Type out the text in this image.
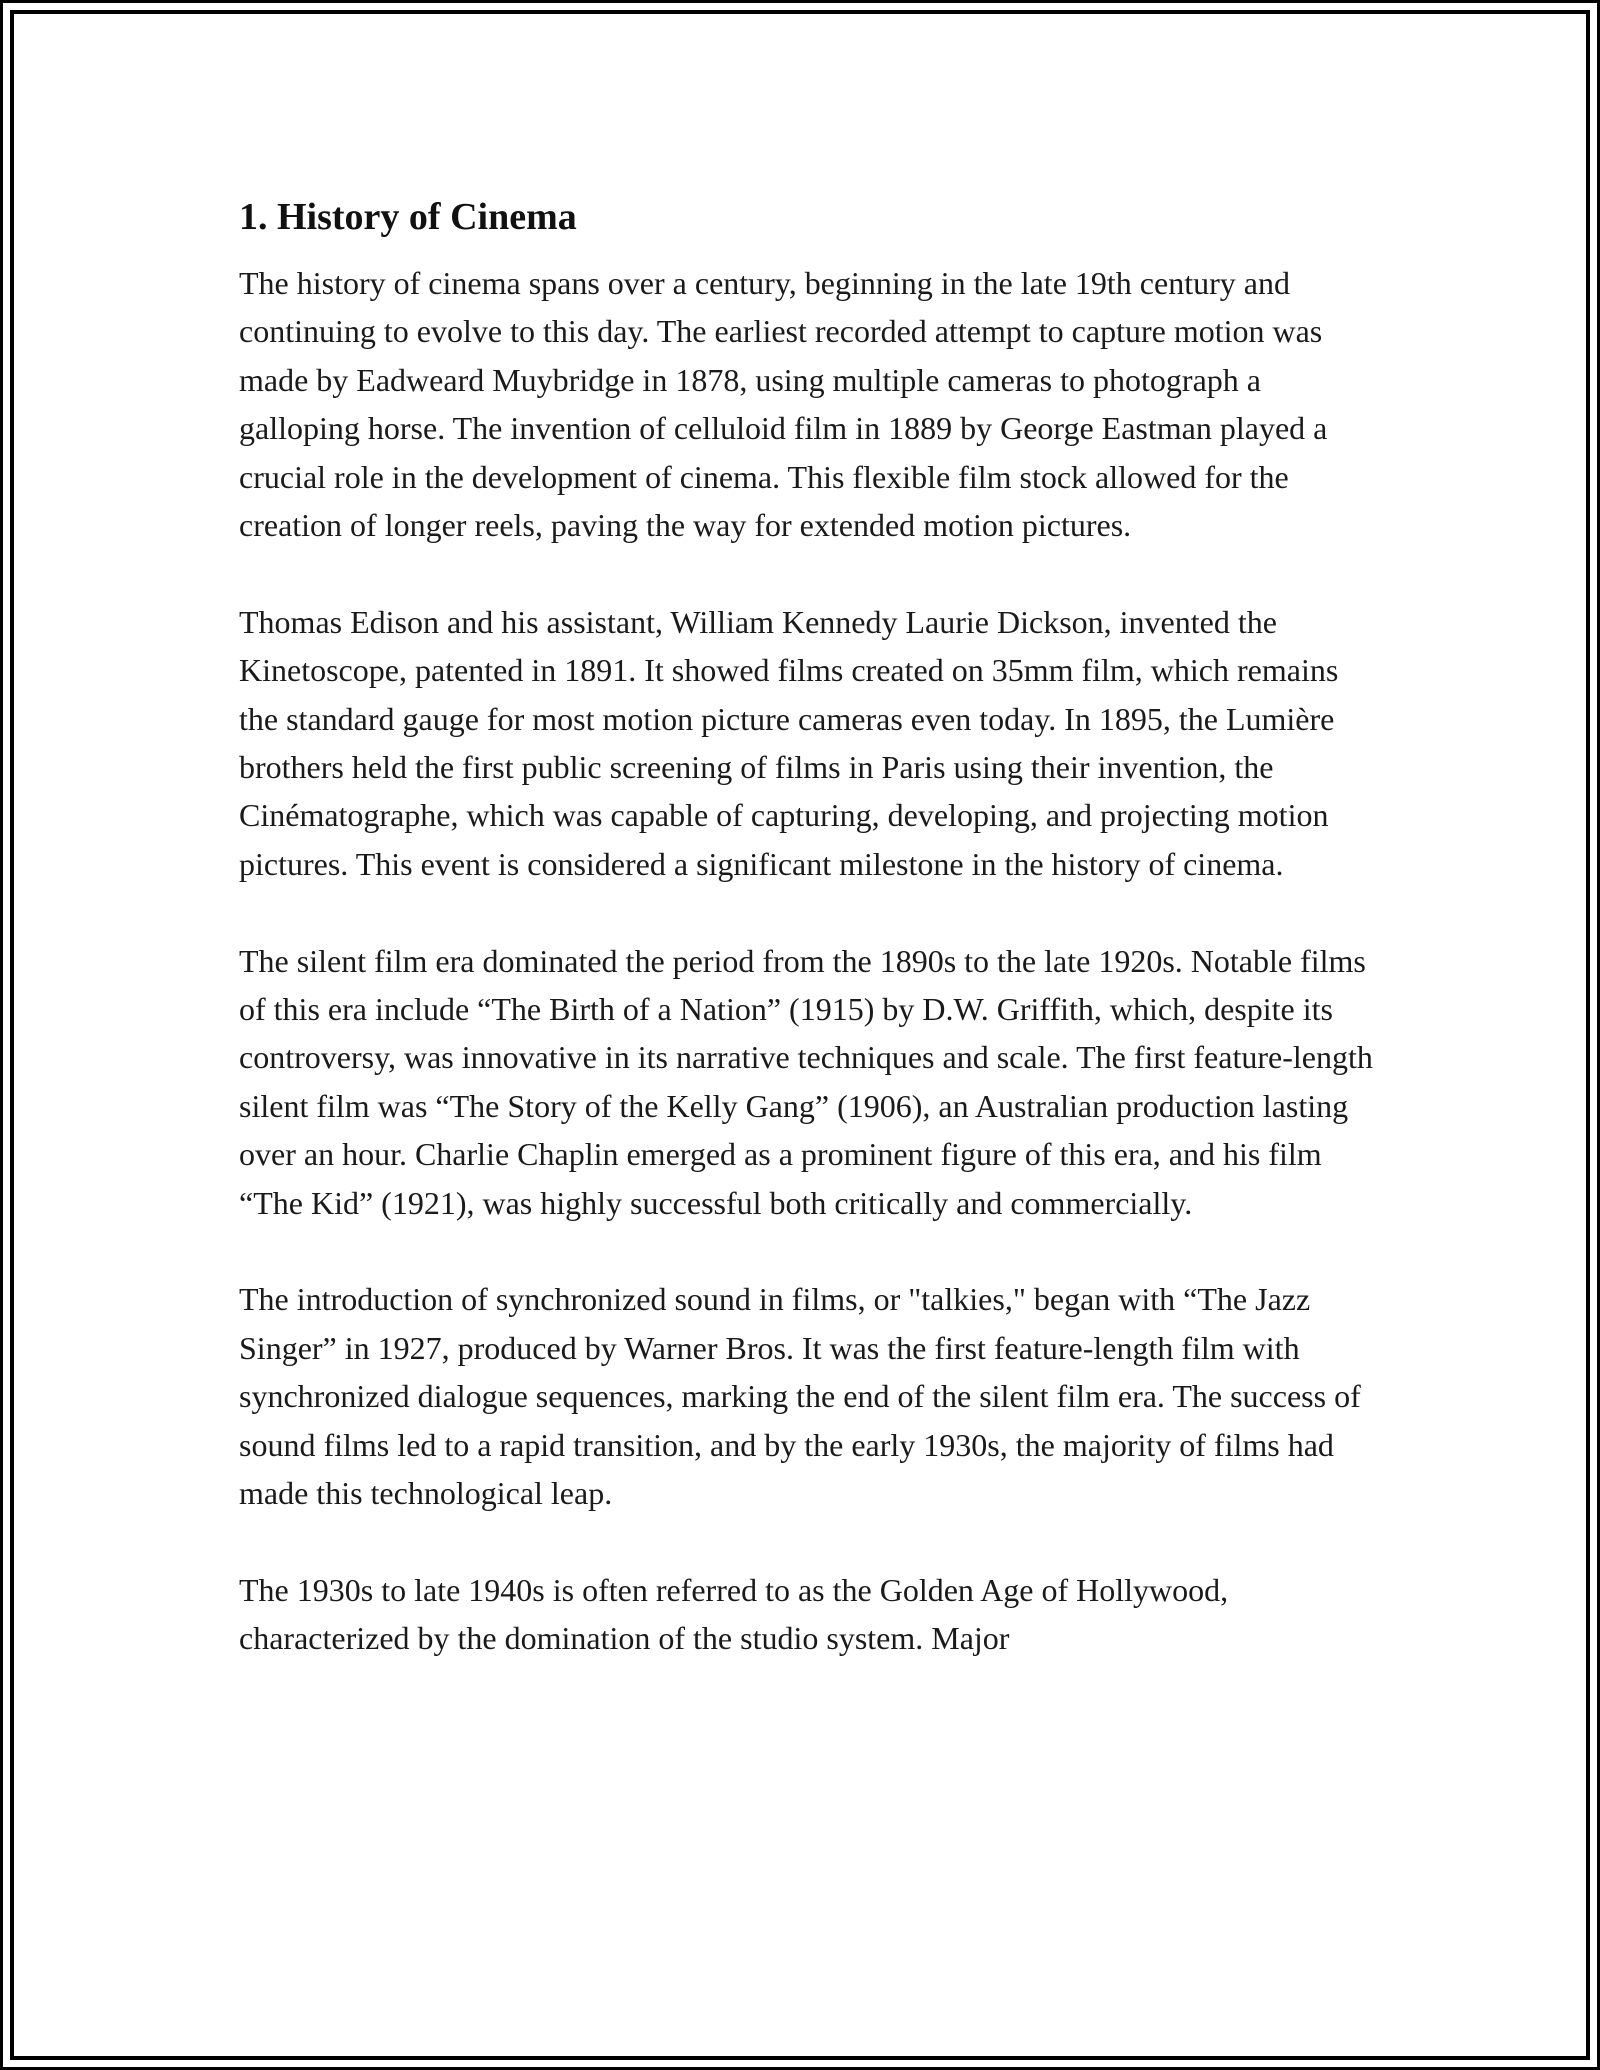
1. History of Cinema

The history of cinema spans over a century, beginning in the late 19th century and continuing to evolve to this day. The earliest recorded attempt to capture motion was made by Eadweard Muybridge in 1878, using multiple cameras to photograph a galloping horse. The invention of celluloid film in 1889 by George Eastman played a crucial role in the development of cinema. This flexible film stock allowed for the creation of longer reels, paving the way for extended motion pictures.

Thomas Edison and his assistant, William Kennedy Laurie Dickson, invented the Kinetoscope, patented in 1891. It showed films created on 35mm film, which remains the standard gauge for most motion picture cameras even today. In 1895, the Lumière brothers held the first public screening of films in Paris using their invention, the Cinématographe, which was capable of capturing, developing, and projecting motion pictures. This event is considered a significant milestone in the history of cinema.

The silent film era dominated the period from the 1890s to the late 1920s. Notable films of this era include “The Birth of a Nation” (1915) by D.W. Griffith, which, despite its controversy, was innovative in its narrative techniques and scale. The first feature-length silent film was “The Story of the Kelly Gang” (1906), an Australian production lasting over an hour. Charlie Chaplin emerged as a prominent figure of this era, and his film “The Kid” (1921), was highly successful both critically and commercially.

The introduction of synchronized sound in films, or "talkies," began with “The Jazz Singer” in 1927, produced by Warner Bros. It was the first feature-length film with synchronized dialogue sequences, marking the end of the silent film era. The success of sound films led to a rapid transition, and by the early 1930s, the majority of films had made this technological leap.

The 1930s to late 1940s is often referred to as the Golden Age of Hollywood, characterized by the domination of the studio system. Major
